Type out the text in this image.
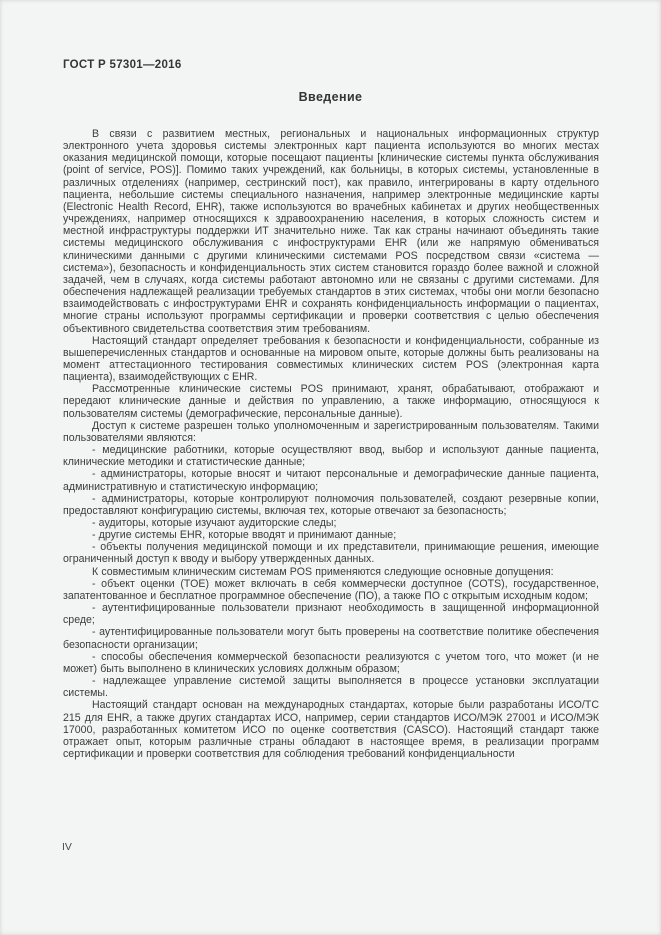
ГОСТ Р 57301—2016
Введение

В связи с развитием местных, региональных и национальных информационных структур электронного учета здоровья системы электронных карт пациента используются во многих местах оказания медицинской помощи, которые посещают пациенты [клинические системы пункта обслуживания (point of service, POS)]. Помимо таких учреждений, как больницы, в которых системы, установленные в различных отделениях (например, сестринский пост), как правило, интегрированы в карту отдельного пациента, небольшие системы специального назначения, например электронные медицинские карты (Electronic Health Record, EHR), также используются во врачебных кабинетах и других необщественных учреждениях, например относящихся к здравоохранению населения, в которых сложность систем и местной инфраструктуры поддержки ИТ значительно ниже. Так как страны начинают объединять такие системы медицинского обслуживания с инфоструктурами EHR (или же напрямую обмениваться клиническими данными с другими клиническими системами POS посредством связи «система — система»), безопасность и конфиденциальность этих систем становится гораздо более важной и сложной задачей, чем в случаях, когда системы работают автономно или не связаны с другими системами. Для обеспечения надлежащей реализации требуемых стандартов в этих системах, чтобы они могли безопасно взаимодействовать с инфоструктурами EHR и сохранять конфиденциальность информации о пациентах, многие страны используют программы сертификации и проверки соответствия с целью обеспечения объективного свидетельства соответствия этим требованиям.

Настоящий стандарт определяет требования к безопасности и конфиденциальности, собранные из вышеперечисленных стандартов и основанные на мировом опыте, которые должны быть реализованы на момент аттестационного тестирования совместимых клинических систем POS (электронная карта пациента), взаимодействующих с EHR.

Рассмотренные клинические системы POS принимают, хранят, обрабатывают, отображают и передают клинические данные и действия по управлению, а также информацию, относящуюся к пользователям системы (демографические, персональные данные).

Доступ к системе разрешен только уполномоченным и зарегистрированным пользователям. Такими пользователями являются:

- медицинские работники, которые осуществляют ввод, выбор и используют данные пациента, клинические методики и статистические данные;

- администраторы, которые вносят и читают персональные и демографические данные пациента, административную и статистическую информацию;

- администраторы, которые контролируют полномочия пользователей, создают резервные копии, предоставляют конфигурацию системы, включая тех, которые отвечают за безопасность;

- аудиторы, которые изучают аудиторские следы;

- другие системы EHR, которые вводят и принимают данные;

- объекты получения медицинской помощи и их представители, принимающие решения, имеющие ограниченный доступ к вводу и выбору утвержденных данных.

К совместимым клиническим системам POS применяются следующие основные допущения:

- объект оценки (TOE) может включать в себя коммерчески доступное (COTS), государственное, запатентованное и бесплатное программное обеспечение (ПО), а также ПО с открытым исходным кодом;

- аутентифицированные пользователи признают необходимость в защищенной информационной среде;

- аутентифицированные пользователи могут быть проверены на соответствие политике обеспечения безопасности организации;

- способы обеспечения коммерческой безопасности реализуются с учетом того, что может (и не может) быть выполнено в клинических условиях должным образом;

- надлежащее управление системой защиты выполняется в процессе установки эксплуатации системы.

Настоящий стандарт основан на международных стандартах, которые были разработаны ИСО/ТС 215 для EHR, а также других стандартах ИСО, например, серии стандартов ИСО/МЭК 27001 и ИСО/МЭК 17000, разработанных комитетом ИСО по оценке соответствия (CASCO). Настоящий стандарт также отражает опыт, которым различные страны обладают в настоящее время, в реализации программ сертификации и проверки соответствия для соблюдения требований конфиденциальности

IV
